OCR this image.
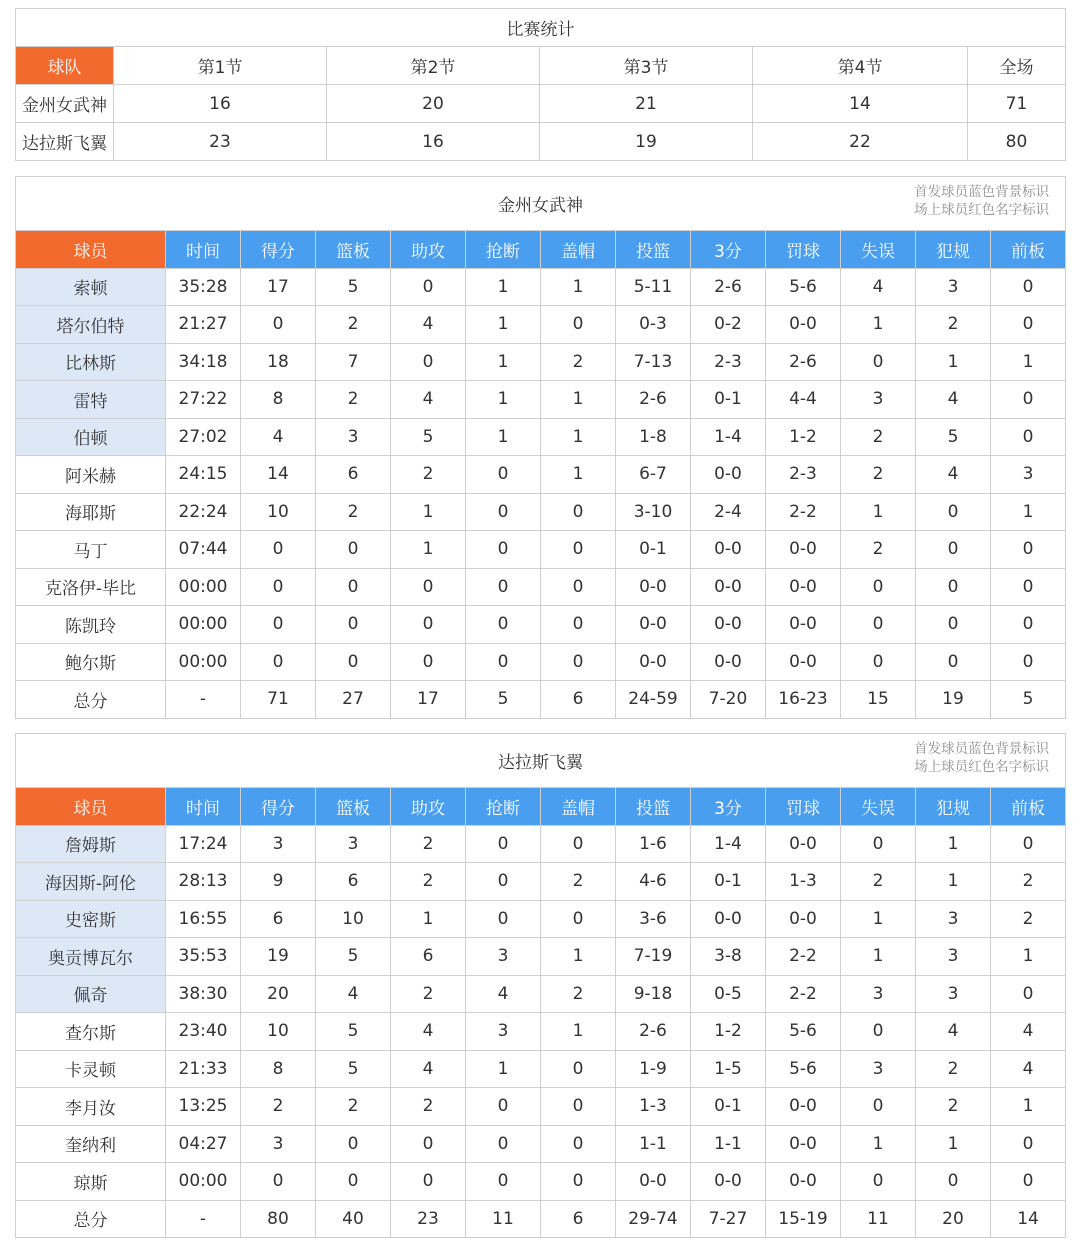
比赛统计					
球队	第1节	第2节	第3节	第4节	全场
金州女武神	16	20	21	14	71
达拉斯飞翼	23	16	19	22	80
金州女武神
首发球员蓝色背景标识
场上球员红色名字标识												

球员	时间	得分	篮板	助攻	抢断	盖帽	投篮	3分	罚球	失误	犯规	前板
索顿	35:28	17	5	0	1	1	5-11	2-6	5-6	4	3	0
塔尔伯特	21:27	0	2	4	1	0	0-3	0-2	0-0	1	2	0
比林斯	34:18	18	7	0	1	2	7-13	2-3	2-6	0	1	1
雷特	27:22	8	2	4	1	1	2-6	0-1	4-4	3	4	0
伯顿	27:02	4	3	5	1	1	1-8	1-4	1-2	2	5	0
阿米赫	24:15	14	6	2	0	1	6-7	0-0	2-3	2	4	3
海耶斯	22:24	10	2	1	0	0	3-10	2-4	2-2	1	0	1
马丁	07:44	0	0	1	0	0	0-1	0-0	0-0	2	0	0
克洛伊-毕比	00:00	0	0	0	0	0	0-0	0-0	0-0	0	0	0
陈凯玲	00:00	0	0	0	0	0	0-0	0-0	0-0	0	0	0
鲍尔斯	00:00	0	0	0	0	0	0-0	0-0	0-0	0	0	0
总分	-	71	27	17	5	6	24-59	7-20	16-23	15	19	5
达拉斯飞翼
首发球员蓝色背景标识
场上球员红色名字标识												

球员	时间	得分	篮板	助攻	抢断	盖帽	投篮	3分	罚球	失误	犯规	前板
詹姆斯	17:24	3	3	2	0	0	1-6	1-4	0-0	0	1	0
海因斯-阿伦	28:13	9	6	2	0	2	4-6	0-1	1-3	2	1	2
史密斯	16:55	6	10	1	0	0	3-6	0-0	0-0	1	3	2
奥贡博瓦尔	35:53	19	5	6	3	1	7-19	3-8	2-2	1	3	1
佩奇	38:30	20	4	2	4	2	9-18	0-5	2-2	3	3	0
查尔斯	23:40	10	5	4	3	1	2-6	1-2	5-6	0	4	4
卡灵顿	21:33	8	5	4	1	0	1-9	1-5	5-6	3	2	4
李月汝	13:25	2	2	2	0	0	1-3	0-1	0-0	0	2	1
奎纳利	04:27	3	0	0	0	0	1-1	1-1	0-0	1	1	0
琼斯	00:00	0	0	0	0	0	0-0	0-0	0-0	0	0	0
总分	-	80	40	23	11	6	29-74	7-27	15-19	11	20	14
